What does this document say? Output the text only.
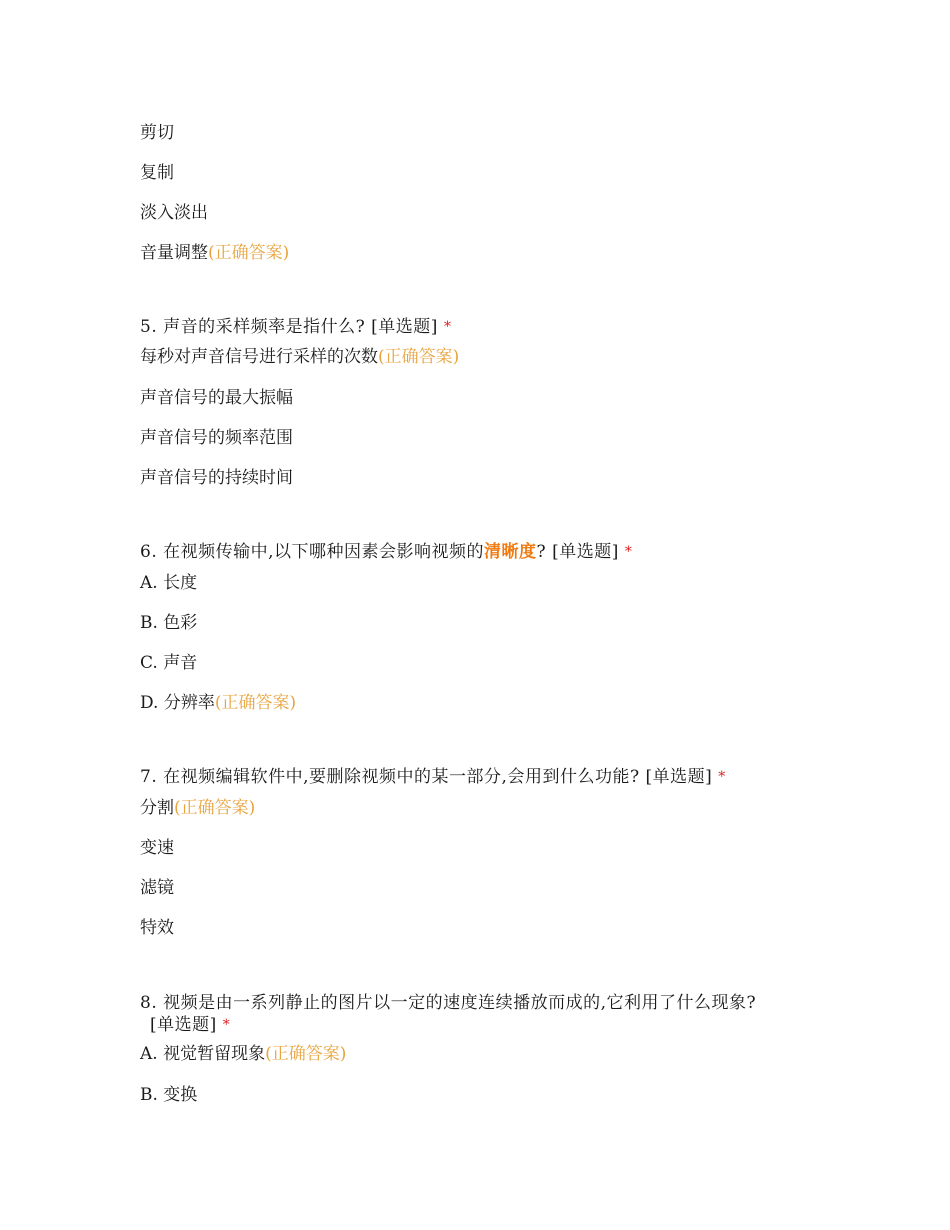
剪切
复制
淡入淡出
音量调整(正确答案)
5. 声音的采样频率是指什么? [单选题] *
每秒对声音信号进行采样的次数(正确答案)
声音信号的最大振幅
声音信号的频率范围
声音信号的持续时间
6. 在视频传输中,以下哪种因素会影响视频的清晰度? [单选题] *
A. 长度
B. 色彩
C. 声音
D. 分辨率(正确答案)
7. 在视频编辑软件中,要删除视频中的某一部分,会用到什么功能? [单选题] *
分割(正确答案)
变速
滤镜
特效
8. 视频是由一系列静止的图片以一定的速度连续播放而成的,它利用了什么现象?
[单选题] *
A. 视觉暂留现象(正确答案)
B. 变换
